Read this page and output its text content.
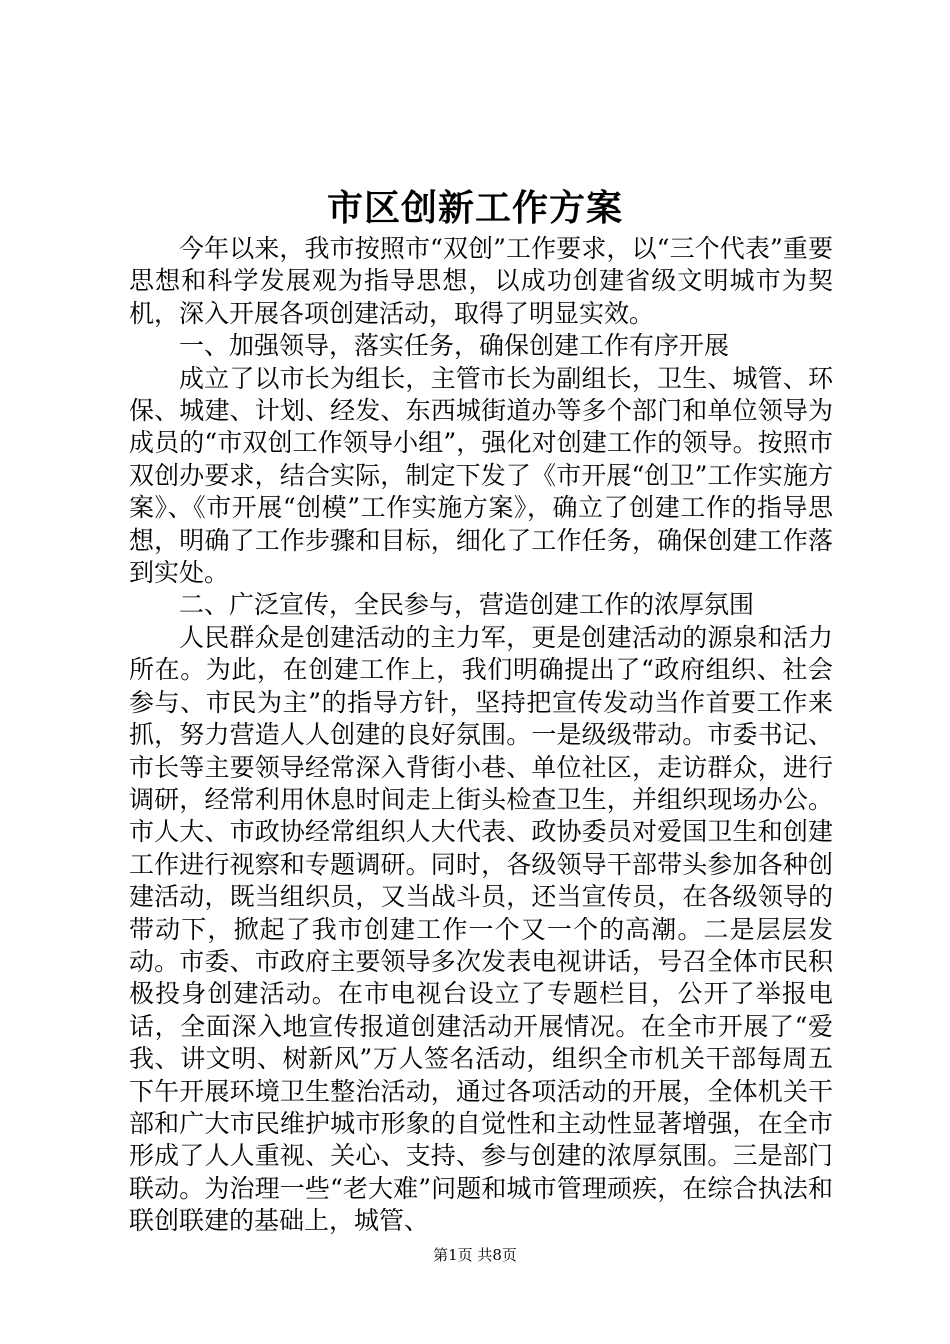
市区创新工作方案

今年以来，我市按照市“双创”工作要求，以“三个代表”重要思想和科学发展观为指导思想，以成功创建省级文明城市为契机，深入开展各项创建活动，取得了明显实效。

一、加强领导，落实任务，确保创建工作有序开展

成立了以市长为组长，主管市长为副组长，卫生、城管、环保、城建、计划、经发、东西城街道办等多个部门和单位领导为成员的“市双创工作领导小组”，强化对创建工作的领导。按照市双创办要求，结合实际，制定下发了《市开展“创卫”工作实施方案》、《市开展“创模”工作实施方案》，确立了创建工作的指导思想，明确了工作步骤和目标，细化了工作任务，确保创建工作落到实处。

二、广泛宣传，全民参与，营造创建工作的浓厚氛围

人民群众是创建活动的主力军，更是创建活动的源泉和活力所在。为此，在创建工作上，我们明确提出了“政府组织、社会参与、市民为主”的指导方针，坚持把宣传发动当作首要工作来抓，努力营造人人创建的良好氛围。一是级级带动。市委书记、市长等主要领导经常深入背街小巷、单位社区，走访群众，进行调研，经常利用休息时间走上街头检查卫生，并组织现场办公。市人大、市政协经常组织人大代表、政协委员对爱国卫生和创建工作进行视察和专题调研。同时，各级领导干部带头参加各种创建活动，既当组织员，又当战斗员，还当宣传员，在各级领导的带动下，掀起了我市创建工作一个又一个的高潮。二是层层发动。市委、市政府主要领导多次发表电视讲话，号召全体市民积极投身创建活动。在市电视台设立了专题栏目，公开了举报电话，全面深入地宣传报道创建活动开展情况。在全市开展了“爱我、讲文明、树新风”万人签名活动，组织全市机关干部每周五下午开展环境卫生整治活动，通过各项活动的开展，全体机关干部和广大市民维护城市形象的自觉性和主动性显著增强，在全市形成了人人重视、关心、支持、参与创建的浓厚氛围。三是部门联动。为治理一些“老大难”问题和城市管理顽疾，在综合执法和联创联建的基础上，城管、

第1页 共8页
